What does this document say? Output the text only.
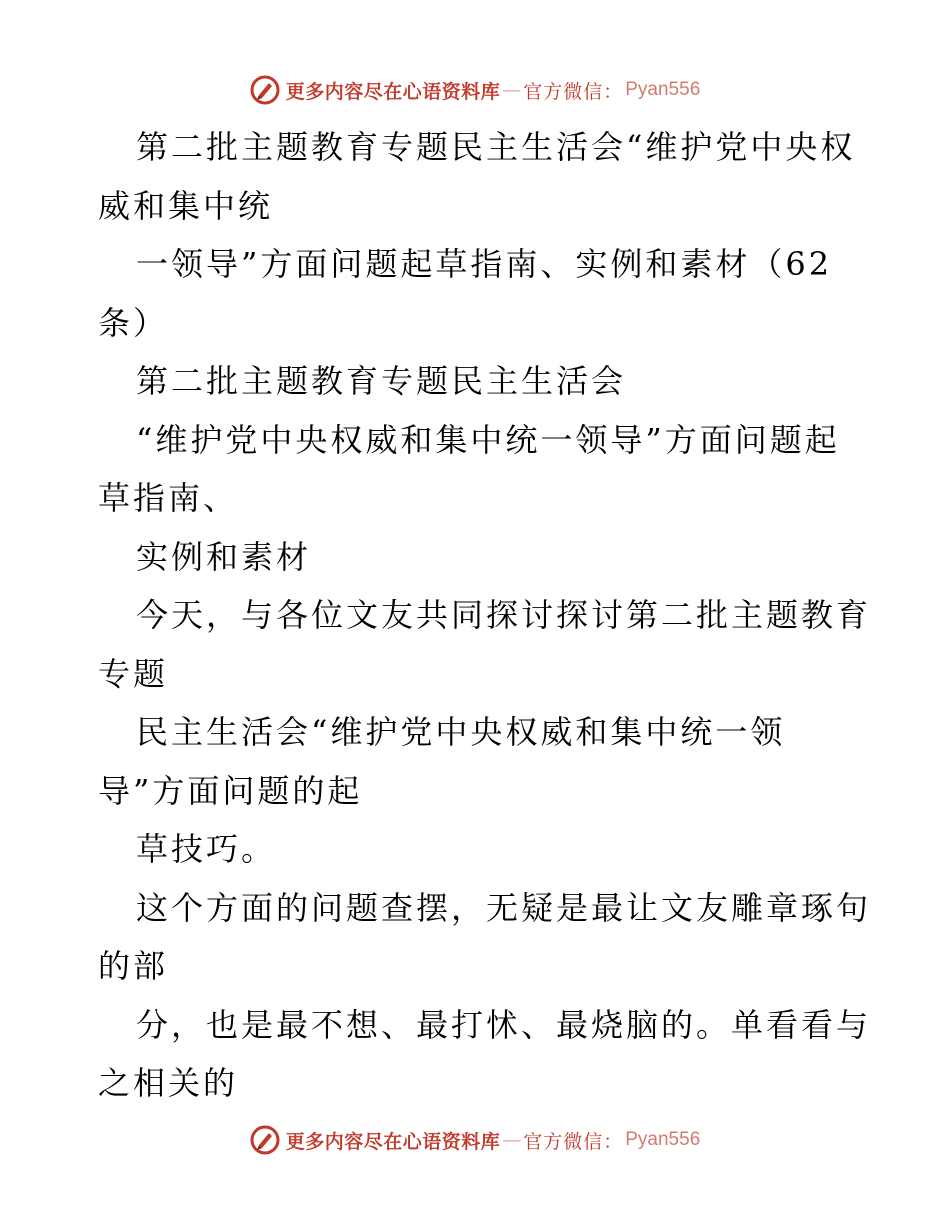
更多内容尽在心语资料库 — 官方微信： Pyan556
第二批主题教育专题民主生活会“维护党中央权
威和集中统
一领导”方面问题起草指南、实例和素材（62
条）
第二批主题教育专题民主生活会
“维护党中央权威和集中统一领导”方面问题起
草指南、
实例和素材
今天，与各位文友共同探讨探讨第二批主题教育
专题
民主生活会“维护党中央权威和集中统一领
导”方面问题的起
草技巧。
这个方面的问题查摆，无疑是最让文友雕章琢句
的部
分，也是最不想、最打怵、最烧脑的。单看看与
之相关的
更多内容尽在心语资料库 — 官方微信： Pyan556
